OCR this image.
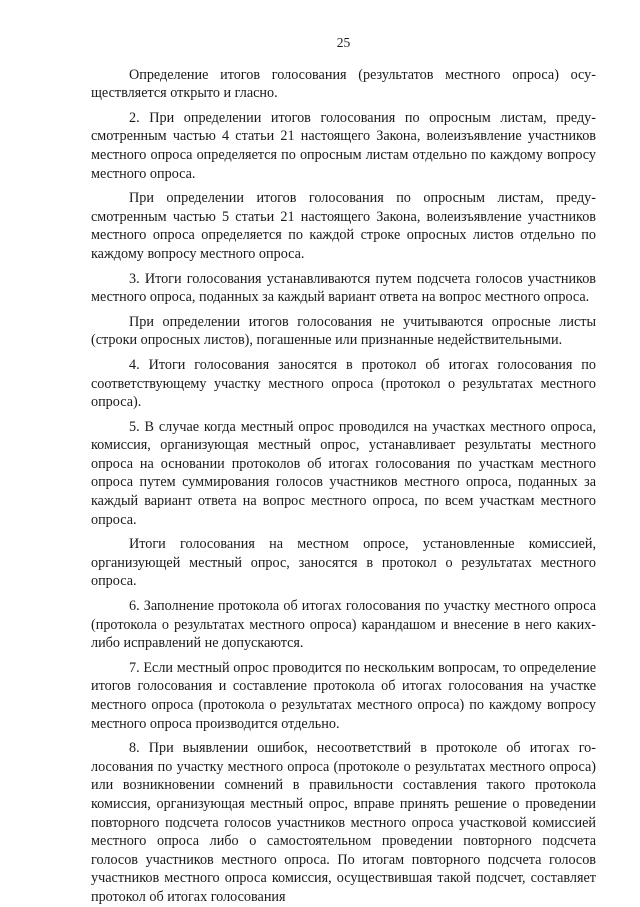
25

Определение итогов голосования (результатов местного опроса) осуществляется открыто и гласно.

2. При определении итогов голосования по опросным листам, предусмотренным частью 4 статьи 21 настоящего Закона, волеизъявление участников местного опроса определяется по опросным листам отдельно по каждому вопросу местного опроса.

При определении итогов голосования по опросным листам, предусмотренным частью 5 статьи 21 настоящего Закона, волеизъявление участников местного опроса определяется по каждой строке опросных листов отдельно по каждому вопросу местного опроса.

3. Итоги голосования устанавливаются путем подсчета голосов участников местного опроса, поданных за каждый вариант ответа на вопрос местного опроса.

При определении итогов голосования не учитываются опросные листы (строки опросных листов), погашенные или признанные недействительными.

4. Итоги голосования заносятся в протокол об итогах голосования по соответствующему участку местного опроса (протокол о результатах местного опроса).

5. В случае когда местный опрос проводился на участках местного опроса, комиссия, организующая местный опрос, устанавливает результаты местного опроса на основании протоколов об итогах голосования по участкам местного опроса путем суммирования голосов участников местного опроса, поданных за каждый вариант ответа на вопрос местного опроса, по всем участкам местного опроса.

Итоги голосования на местном опросе, установленные комиссией, организующей местный опрос, заносятся в протокол о результатах местного опроса.

6. Заполнение протокола об итогах голосования по участку местного опроса (протокола о результатах местного опроса) карандашом и внесение в него каких-либо исправлений не допускаются.

7. Если местный опрос проводится по нескольким вопросам, то определение итогов голосования и составление протокола об итогах голосования на участке местного опроса (протокола о результатах местного опроса) по каждому вопросу местного опроса производится отдельно.

8. При выявлении ошибок, несоответствий в протоколе об итогах голосования по участку местного опроса (протоколе о результатах местного опроса) или возникновении сомнений в правильности составления такого протокола комиссия, организующая местный опрос, вправе принять решение о проведении повторного подсчета голосов участников местного опроса участковой комиссией местного опроса либо о самостоятельном проведении повторного подсчета голосов участников местного опроса. По итогам повторного подсчета голосов участников местного опроса комиссия, осуществившая такой подсчет, составляет протокол об итогах голосования
